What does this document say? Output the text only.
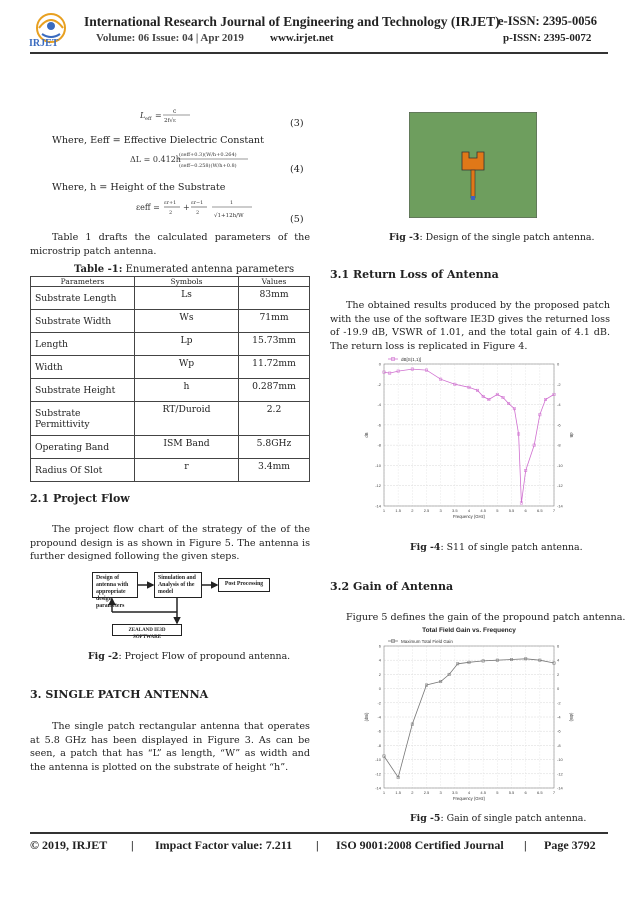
IRJET
International Research Journal of Engineering and Technology (IRJET)
e-ISSN: 2395-0056
Volume: 06 Issue: 04 | Apr 2019 www.irjet.net	p-ISSN: 2395-0072
L eff = c
2f√ε	(3)
Where, Eeff = Effective Dielectric Constant
ΔL = 0.412h
(εeff+0.3)(W/h+0.264)
(εeff−0.258)(W/h+0.8)	(4)
Where, h = Height of the Substrate
εeff = εr+1
2
+ εr−1
2
1
√1+12h/W	(5)
Table 1 drafts the calculated parameters of the microstrip patch antenna.
Table -1: Enumerated antenna parameters
Parameters	Symbols	Values
Substrate Length	Ls	83mm
Substrate Width	Ws	71mm
Length	Lp	15.73mm
Width	Wp	11.72mm
Substrate Height	h	0.287mm
Substrate Permittivity	RT/Duroid	2.2
Operating Band	ISM Band	5.8GHz
Radius Of Slot	r	3.4mm
2.1 Project Flow
The project flow chart of the strategy of the of the propound design is as shown in Figure 5. The antenna is further designed following the given steps.
Design of antenna with appropriate design parameters
Simulation and Analysis of the model
Post Processing
ZEALAND IE3D SOFTWARE
Fig -2: Project Flow of propound antenna.
3. SINGLE PATCH ANTENNA
The single patch rectangular antenna that operates at 5.8 GHz has been displayed in Figure 3. As can be seen, a patch that has “L” as length, “W” as width and the antenna is plotted on the substrate of height “h”.
Fig -3: Design of the single patch antenna.
3.1 Return Loss of Antenna
The obtained results produced by the proposed patch with the use of the software IE3D gives the returned loss of -19.9 dB, VSWR of 1.01, and the total gain of 4.1 dB. The return loss is replicated in Figure 4.
dB[S(1,1)]
0	0
-2	-2
-4	-4
-6	-6
-8	-8
-10	-10
-12	-12
-14	-14
1	1.5	2	2.5	3	3.5	4	4.5	5	5.5	6	6.5	7
Frequency (GHz)
dB	dB
Fig -4: S11 of single patch antenna.
3.2 Gain of Antenna
Figure 5 defines the gain of the propound patch antenna.
Total Field Gain vs. Frequency
Maximum Total Field Gain
6	6
4	4
2	2
0	0
-2	-2
-4	-4
-6	-6
-8	-8
-10	-10
-12	-12
-14	-14
1	1.5	2	2.5	3	3.5	4	4.5	5	5.5	6	6.5	7
Frequency (GHz)
(dBi)	(dBi)
Fig -5: Gain of single patch antenna.
© 2019, IRJET | Impact Factor value: 7.211 | ISO 9001:2008 Certified Journal | Page 3792
